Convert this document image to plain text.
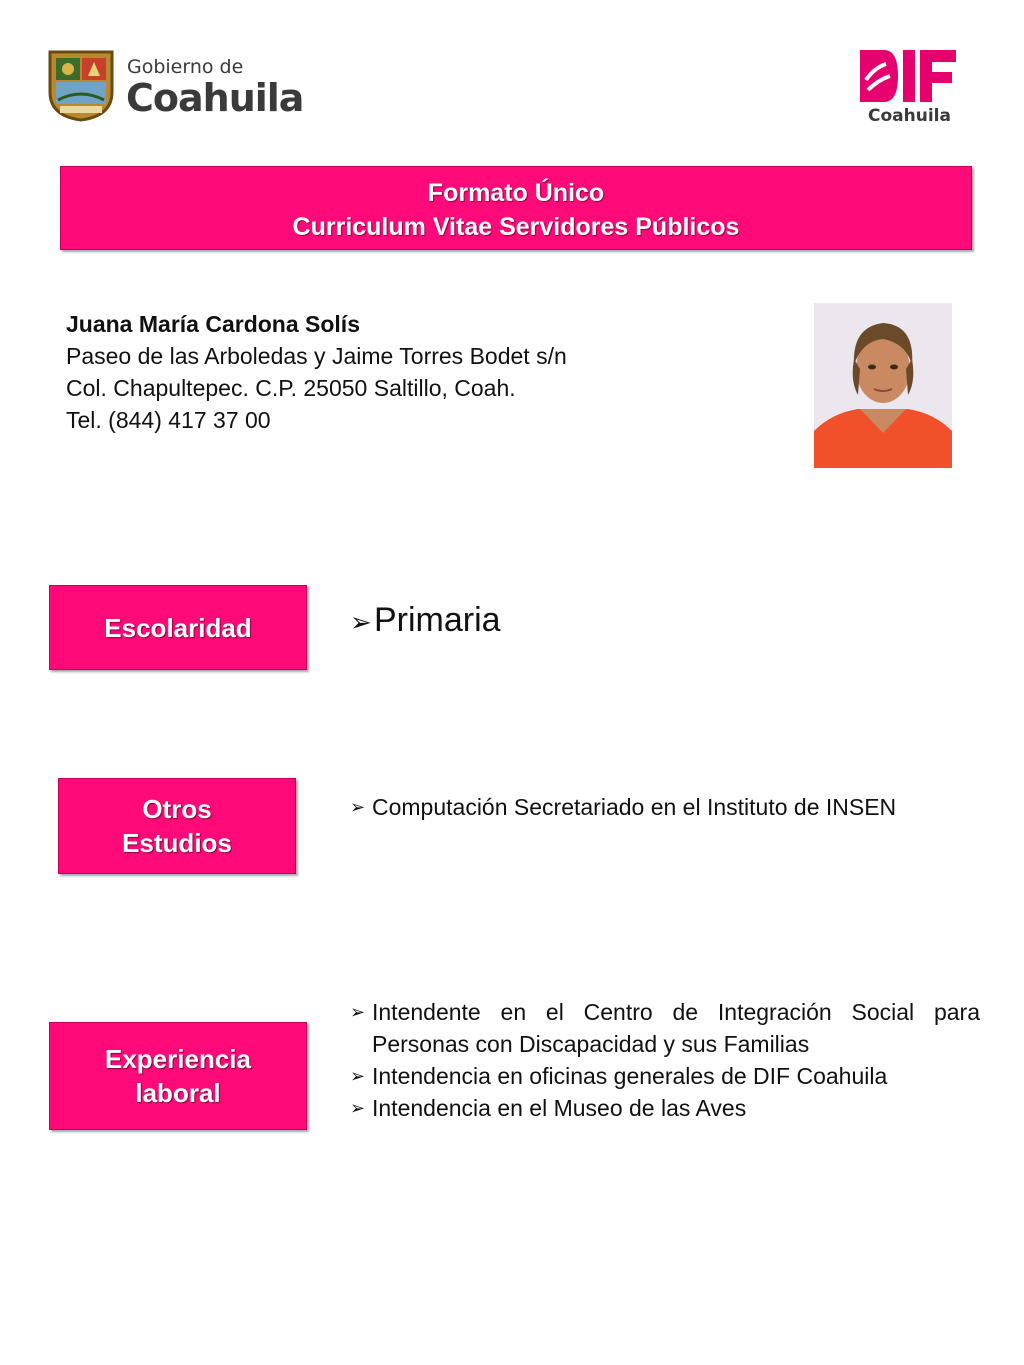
Gobierno de
Coahuila
DIF
Coahuila
Formato Único
Curriculum Vitae Servidores Públicos
Juana María Cardona Solís
Paseo de las Arboledas y Jaime Torres Bodet s/n
Col. Chapultepec. C.P. 25050 Saltillo, Coah.
Tel. (844) 417 37 00
Escolaridad	➢ Primaria
Otros
Estudios
➢ Computación Secretariado en el Instituto de INSEN
Experiencia
laboral
➢ Intendente en el Centro de Integración Social para Personas con Discapacidad y sus Familias
➢ Intendencia en oficinas generales de DIF Coahuila
➢ Intendencia en el Museo de las Aves
